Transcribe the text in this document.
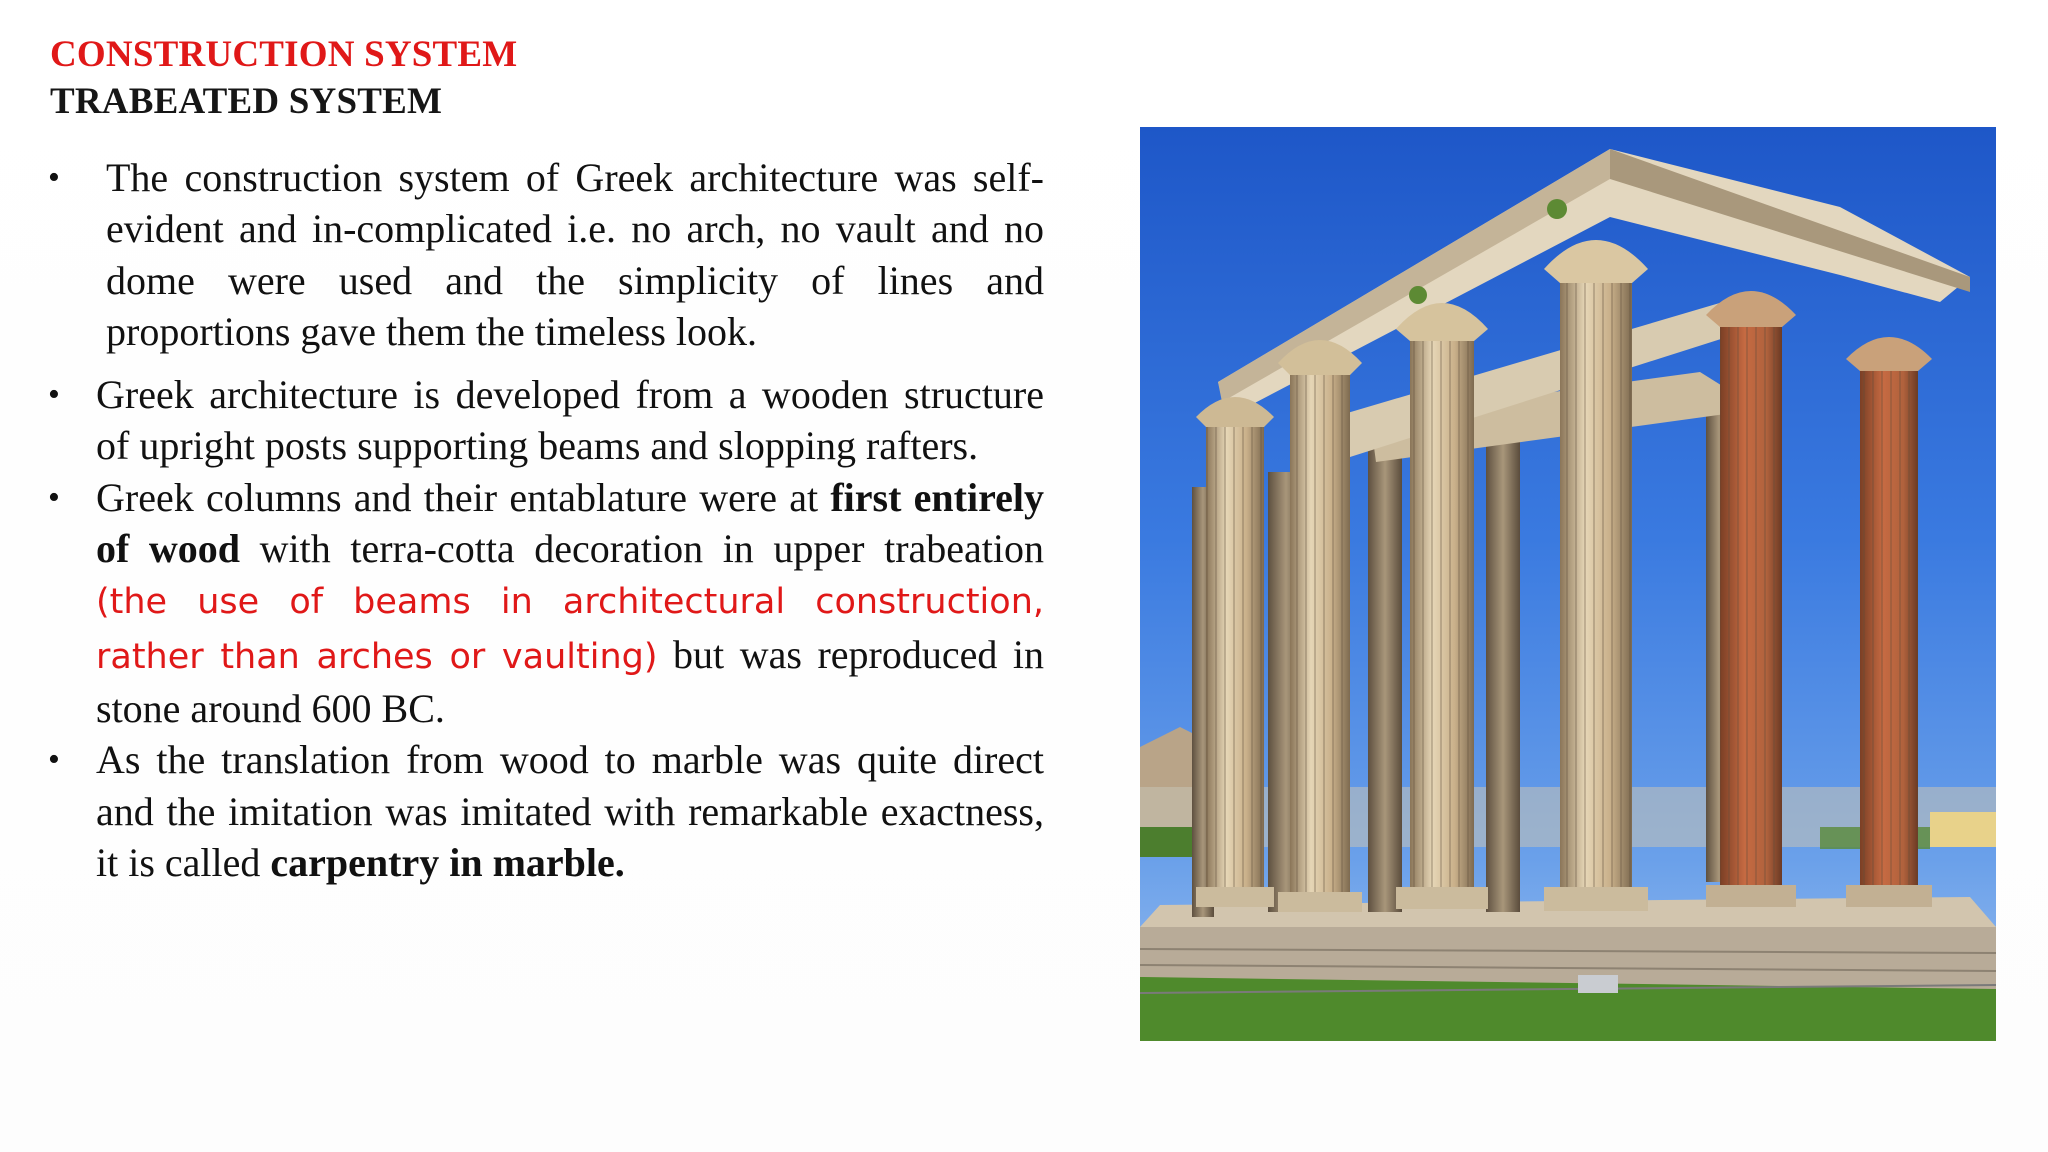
CONSTRUCTION SYSTEM
TRABEATED SYSTEM
•	The construction system of Greek architecture was self-evident and in-complicated i.e. no arch, no vault and no dome were used and the simplicity of lines and proportions gave them the timeless look.
• Greek architecture is developed from a wooden structure of upright posts supporting beams and slopping rafters.
• Greek columns and their entablature were at first entirely of wood with terra-cotta decoration in upper trabeation (the use of beams in architectural construction, rather than arches or vaulting) but was reproduced in stone around 600 BC.
• As the translation from wood to marble was quite direct and the imitation was imitated with remarkable exactness, it is called carpentry in marble.
